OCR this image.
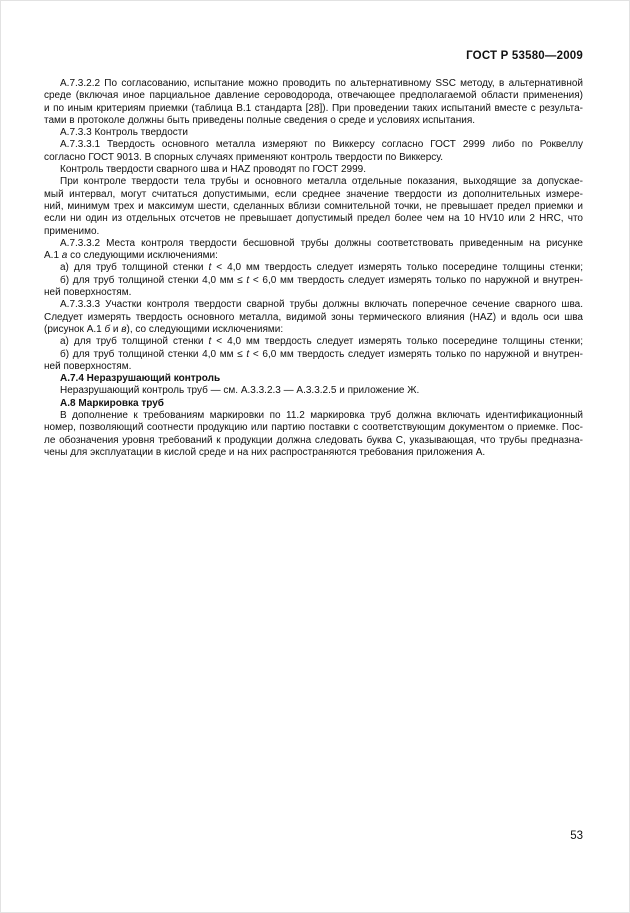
ГОСТ Р 53580—2009
А.7.3.2.2 По согласованию, испытание можно проводить по альтернативному SSC методу, в альтернативной
среде (включая иное парциальное давление сероводорода, отвечающее предполагаемой области применения)
и по иным критериям приемки (таблица В.1 стандарта [28]). При проведении таких испытаний вместе с результа-
тами в протоколе должны быть приведены полные сведения о среде и условиях испытания.
А.7.3.3 Контроль твердости
А.7.3.3.1 Твердость основного металла измеряют по Виккерсу согласно ГОСТ 2999 либо по Роквеллу
согласно ГОСТ 9013. В спорных случаях применяют контроль твердости по Виккерсу.
Контроль твердости сварного шва и HAZ проводят по ГОСТ 2999.
При контроле твердости тела трубы и основного металла отдельные показания, выходящие за допускае-
мый интервал, могут считаться допустимыми, если среднее значение твердости из дополнительных измере-
ний, минимум трех и максимум шести, сделанных вблизи сомнительной точки, не превышает предел приемки и
если ни один из отдельных отсчетов не превышает допустимый предел более чем на 10 HV10 или 2 HRC, что
применимо.
А.7.3.3.2 Места контроля твердости бесшовной трубы должны соответствовать приведенным на рисунке
А.1 а со следующими исключениями:
а) для труб толщиной стенки t < 4,0 мм твердость следует измерять только посередине толщины стенки;
б) для труб толщиной стенки 4,0 мм ≤ t < 6,0 мм твердость следует измерять только по наружной и внутрен-
ней поверхностям.
А.7.3.3.3 Участки контроля твердости сварной трубы должны включать поперечное сечение сварного шва.
Следует измерять твердость основного металла, видимой зоны термического влияния (HAZ) и вдоль оси шва
(рисунок А.1 б и в), со следующими исключениями:
а) для труб толщиной стенки t < 4,0 мм твердость следует измерять только посередине толщины стенки;
б) для труб толщиной стенки 4,0 мм ≤ t < 6,0 мм твердость следует измерять только по наружной и внутрен-
ней поверхностям.
А.7.4 Неразрушающий контроль
Неразрушающий контроль труб — см. А.3.3.2.3 — А.3.3.2.5 и приложение Ж.
А.8 Маркировка труб
В дополнение к требованиям маркировки по 11.2 маркировка труб должна включать идентификационный
номер, позволяющий соотнести продукцию или партию поставки с соответствующим документом о приемке. Пос-
ле обозначения уровня требований к продукции должна следовать буква С, указывающая, что трубы предназна-
чены для эксплуатации в кислой среде и на них распространяются требования приложения А.
53
